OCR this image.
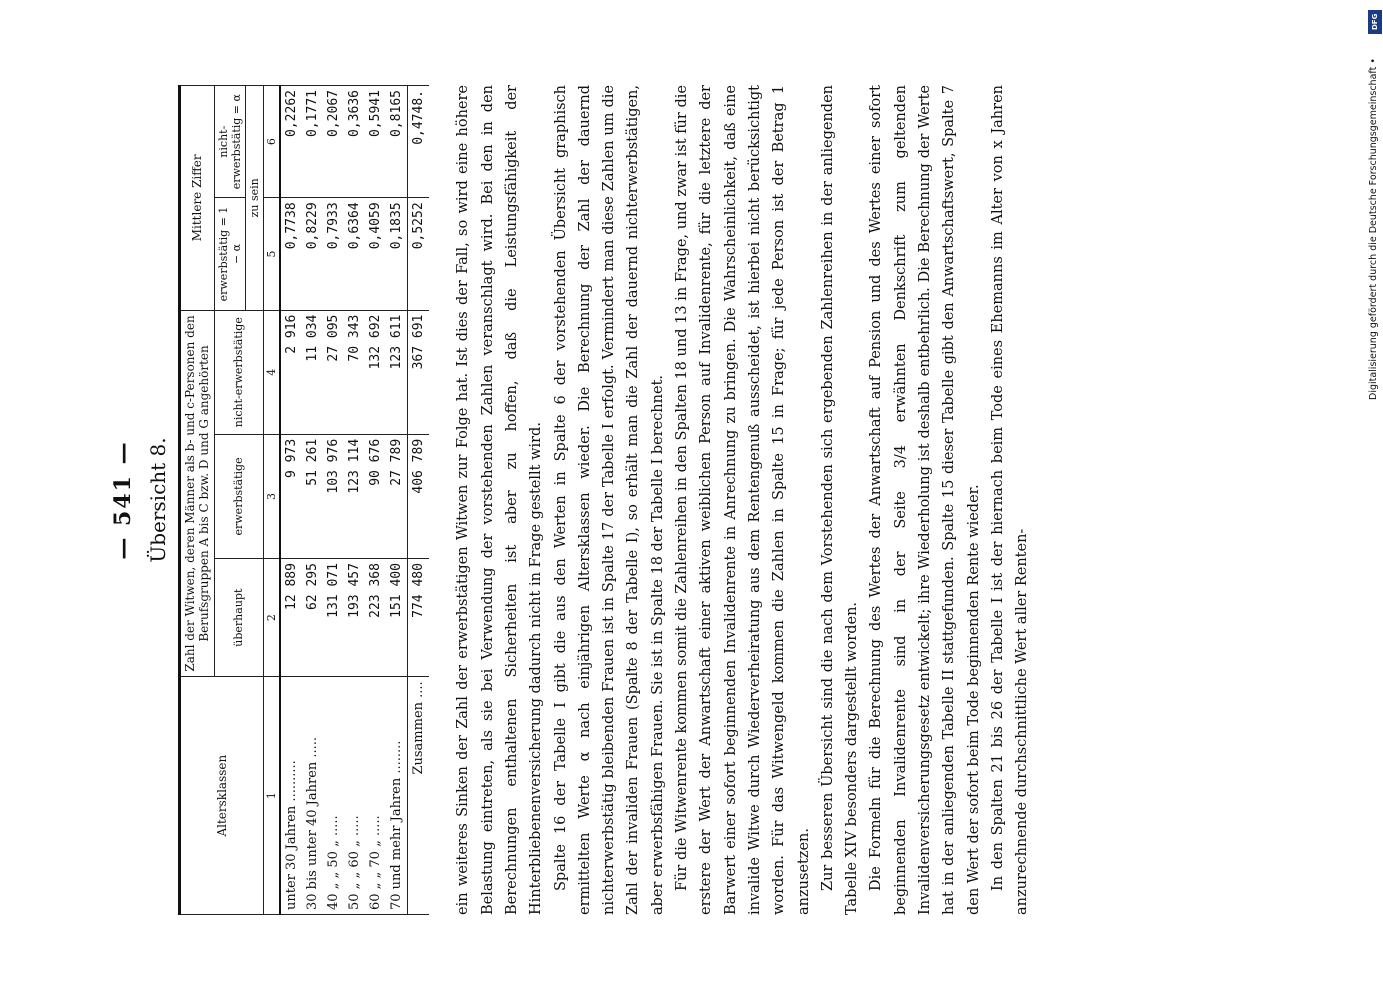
— 541 — Übersicht 8.
Altersklassen	Zahl der Witwen, deren Männer als b- und c-Personen den Berufsgruppen A bis C bzw. D und G angehörten			Mittlere Ziffer	
	überhaupt	erwerbstätige	nicht-erwerbstätige	erwerbstätig = 1 − α	nicht-erwerbstätig = α
				zu sein	
1	2	3	4	5	6
unter 30 Jahren ..........	12 889	9 973	2 916	0,7738	0,2262
30 bis unter 40 Jahren .....	62 295	51 261	11 034	0,8229	0,1771
40 „ „ 50 „ .....	131 071	103 976	27 095	0,7933	0,2067
50 „ „ 60 „ .....	193 457	123 114	70 343	0,6364	0,3636
60 „ „ 70 „ .....	223 368	90 676	132 692	0,4059	0,5941
70 und mehr Jahren ........	151 400	27 789	123 611	0,1835	0,8165
Zusammen ....	774 480	406 789	367 691	0,5252	0,4748. ein weiteres Sinken der Zahl der erwerbstätigen Witwen zur Folge hat. Ist dies der Fall, so wird eine höhere Belastung eintreten, als sie bei Verwendung der vorstehenden Zahlen veranschlagt wird. Bei den in den Berechnungen enthaltenen Sicherheiten ist aber zu hoffen, daß die Leistungsfähigkeit der Hinterbliebenenversicherung dadurch nicht in Frage gestellt wird. Spalte 16 der Tabelle I gibt die aus den Werten in Spalte 6 der vorstehenden Übersicht graphisch ermittelten Werte α nach einjährigen Altersklassen wieder. Die Berechnung der Zahl der dauernd nichterwerbstätig bleibenden Frauen ist in Spalte 17 der Tabelle I erfolgt. Vermindert man diese Zahlen um die Zahl der invaliden Frauen (Spalte 8 der Tabelle I), so erhält man die Zahl der dauernd nichterwerbstätigen, aber erwerbsfähigen Frauen. Sie ist in Spalte 18 der Tabelle I berechnet. Für die Witwenrente kommen somit die Zahlenreihen in den Spalten 18 und 13 in Frage, und zwar ist für die erstere der Wert der Anwartschaft einer aktiven weiblichen Person auf Invalidenrente, für die letztere der Barwert einer sofort beginnenden Invalidenrente in Anrechnung zu bringen. Die Wahrscheinlichkeit, daß eine invalide Witwe durch Wiederverheiratung aus dem Rentengenuß ausscheidet, ist hierbei nicht berücksichtigt worden. Für das Witwengeld kommen die Zahlen in Spalte 15 in Frage; für jede Person ist der Betrag 1 anzusetzen. Zur besseren Übersicht sind die nach dem Vorstehenden sich ergebenden Zahlenreihen in der anliegenden Tabelle XIV besonders dargestellt worden. Die Formeln für die Berechnung des Wertes der Anwartschaft auf Pension und des Wertes einer sofort beginnenden Invalidenrente sind in der Seite 3/4 erwähnten Denkschrift zum geltenden Invalidenversicherungsgesetz entwickelt; ihre Wiederholung ist deshalb entbehrlich. Die Berechnung der Werte hat in der anliegenden Tabelle II stattgefunden. Spalte 15 dieser Tabelle gibt den Anwartschaftswert, Spalte 7 den Wert der sofort beim Tode beginnenden Rente wieder. In den Spalten 21 bis 26 der Tabelle I ist der hiernach beim Tode eines Ehemanns im Alter von x Jahren anzurechnende durchschnittliche Wert aller Renten-

DFG
Digitalisierung gefördert durch die Deutsche Forschungsgemeinschaft •
